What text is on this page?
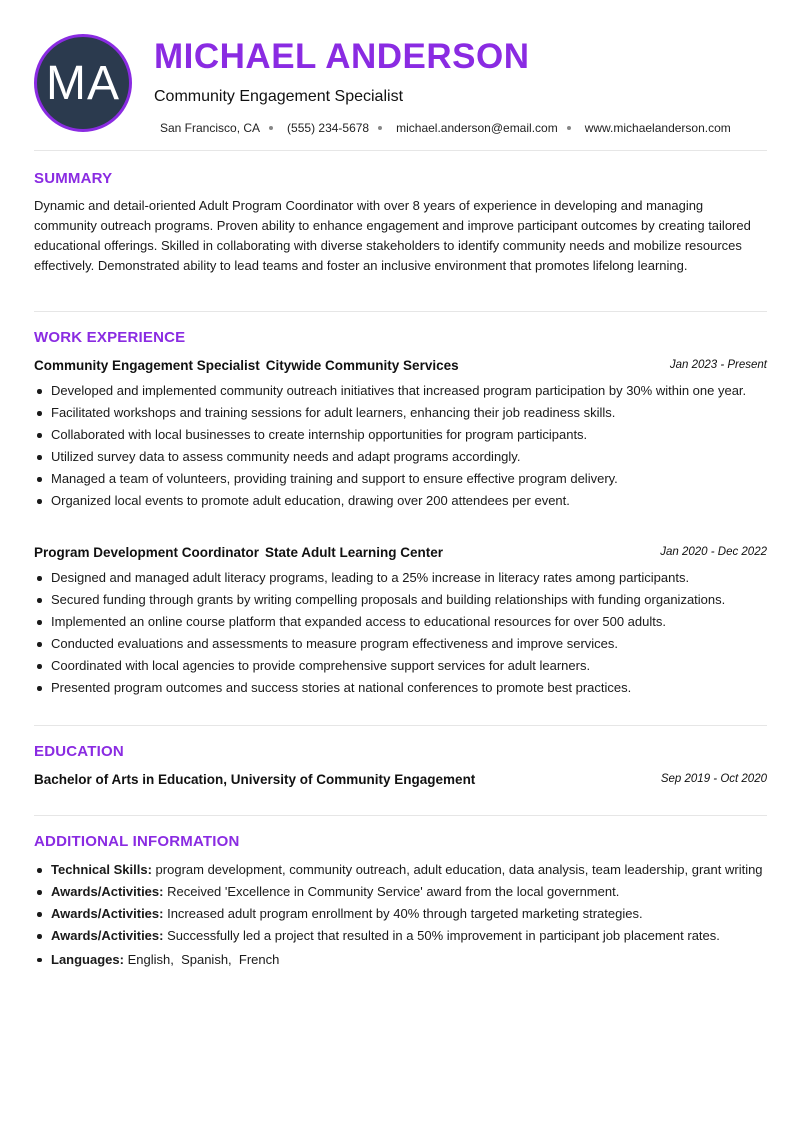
MA
MICHAEL ANDERSON
Community Engagement Specialist
San Francisco, CA (555) 234-5678 michael.anderson@email.com www.michaelanderson.com
SUMMARY
Dynamic and detail-oriented Adult Program Coordinator with over 8 years of experience in developing and managing community outreach programs. Proven ability to enhance engagement and improve participant outcomes by creating tailored educational offerings. Skilled in collaborating with diverse stakeholders to identify community needs and mobilize resources effectively. Demonstrated ability to lead teams and foster an inclusive environment that promotes lifelong learning.
WORK EXPERIENCE
Community Engagement Specialist Citywide Community Services	Jan 2023 - Present
Developed and implemented community outreach initiatives that increased program participation by 30% within one year.
Facilitated workshops and training sessions for adult learners, enhancing their job readiness skills.
Collaborated with local businesses to create internship opportunities for program participants.
Utilized survey data to assess community needs and adapt programs accordingly.
Managed a team of volunteers, providing training and support to ensure effective program delivery.
Organized local events to promote adult education, drawing over 200 attendees per event.
Program Development Coordinator State Adult Learning Center	Jan 2020 - Dec 2022
Designed and managed adult literacy programs, leading to a 25% increase in literacy rates among participants.
Secured funding through grants by writing compelling proposals and building relationships with funding organizations.
Implemented an online course platform that expanded access to educational resources for over 500 adults.
Conducted evaluations and assessments to measure program effectiveness and improve services.
Coordinated with local agencies to provide comprehensive support services for adult learners.
Presented program outcomes and success stories at national conferences to promote best practices.
EDUCATION
Bachelor of Arts in Education, University of Community Engagement	Sep 2019 - Oct 2020
ADDITIONAL INFORMATION
Technical Skills: program development, community outreach, adult education, data analysis, team leadership, grant writing
Awards/Activities: Received 'Excellence in Community Service' award from the local government.
Awards/Activities: Increased adult program enrollment by 40% through targeted marketing strategies.
Awards/Activities: Successfully led a project that resulted in a 50% improvement in participant job placement rates.
Languages: English,  Spanish,  French
